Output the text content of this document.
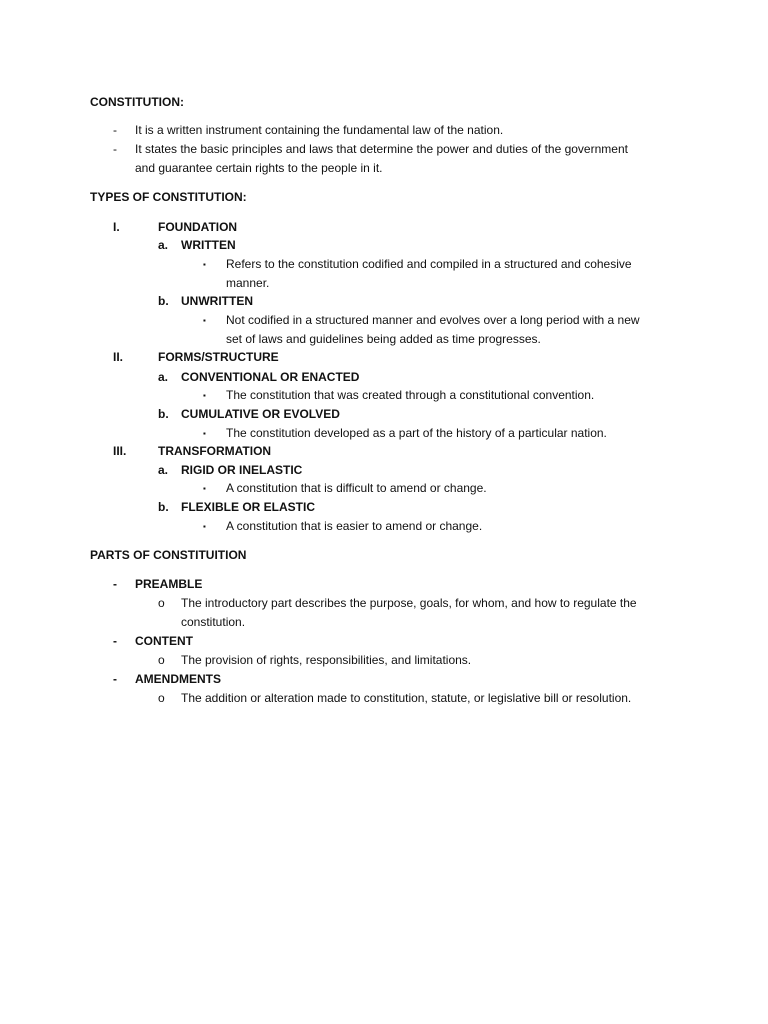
CONSTITUTION:
- It is a written instrument containing the fundamental law of the nation.
- It states the basic principles and laws that determine the power and duties of the government
and guarantee certain rights to the people in it.
TYPES OF CONSTITUTION:
I.	FOUNDATION
a. WRITTEN
▪ Refers to the constitution codified and compiled in a structured and cohesive
manner.
b. UNWRITTEN
▪ Not codified in a structured manner and evolves over a long period with a new
set of laws and guidelines being added as time progresses.
II.	FORMS/STRUCTURE
a. CONVENTIONAL OR ENACTED
▪ The constitution that was created through a constitutional convention.
b. CUMULATIVE OR EVOLVED
▪ The constitution developed as a part of the history of a particular nation.
III.	TRANSFORMATION
a. RIGID OR INELASTIC
▪ A constitution that is difficult to amend or change.
b. FLEXIBLE OR ELASTIC
▪ A constitution that is easier to amend or change.
PARTS OF CONSTITUITION
- PREAMBLE
o The introductory part describes the purpose, goals, for whom, and how to regulate the
constitution.
- CONTENT
o The provision of rights, responsibilities, and limitations.
- AMENDMENTS
o The addition or alteration made to constitution, statute, or legislative bill or resolution.
